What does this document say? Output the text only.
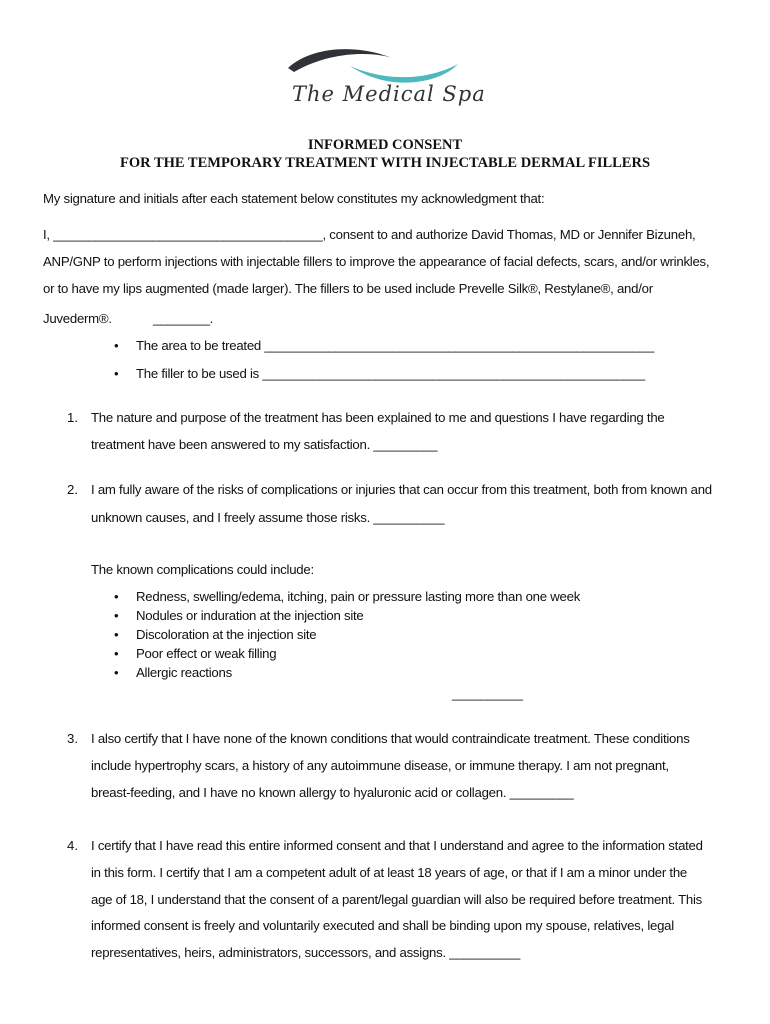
The Medical Spa
INFORMED CONSENT
FOR THE TEMPORARY TREATMENT WITH INJECTABLE DERMAL FILLERS
My signature and initials after each statement below constitutes my acknowledgment that:
I, ______________________________________, consent to and authorize David Thomas, MD or Jennifer Bizuneh,
ANP/GNP to perform injections with injectable fillers to improve the appearance of facial defects, scars, and/or wrinkles,
or to have my lips augmented (made larger). The fillers to be used include Prevelle Silk®, Restylane®, and/or
Juvederm®.	________.
• The area to be treated _______________________________________________________
• The filler to be used is ______________________________________________________
1. The nature and purpose of the treatment has been explained to me and questions I have regarding the
treatment have been answered to my satisfaction. _________
2. I am fully aware of the risks of complications or injuries that can occur from this treatment, both from known and
unknown causes, and I freely assume those risks. __________
The known complications could include:
• Redness, swelling/edema, itching, pain or pressure lasting more than one week
• Nodules or induration at the injection site
• Discoloration at the injection site
• Poor effect or weak filling
• Allergic reactions
__________
3. I also certify that I have none of the known conditions that would contraindicate treatment. These conditions
include hypertrophy scars, a history of any autoimmune disease, or immune therapy. I am not pregnant,
breast-feeding, and I have no known allergy to hyaluronic acid or collagen. _________
4. I certify that I have read this entire informed consent and that I understand and agree to the information stated
in this form. I certify that I am a competent adult of at least 18 years of age, or that if I am a minor under the
age of 18, I understand that the consent of a parent/legal guardian will also be required before treatment. This
informed consent is freely and voluntarily executed and shall be binding upon my spouse, relatives, legal
representatives, heirs, administrators, successors, and assigns. __________
